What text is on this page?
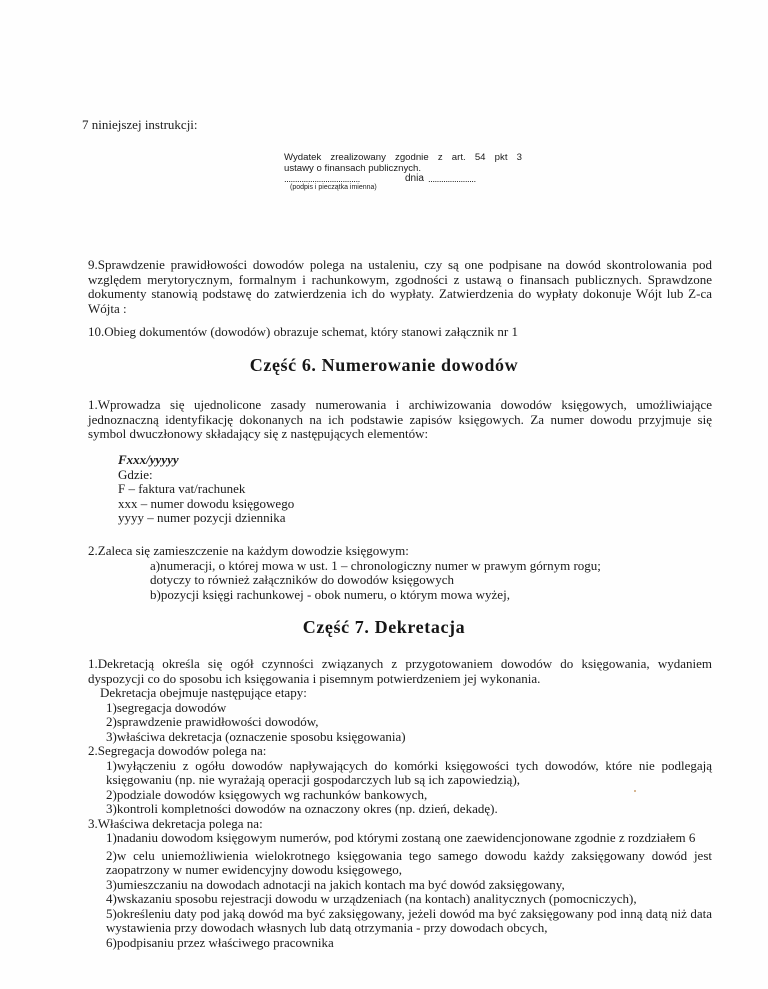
7 niniejszej instrukcji:
Wydatek zrealizowany zgodnie z art. 54 pkt 3
ustawy o finansach publicznych.
...................................	dnia ......................
(podpis i pieczątka imienna)
9.Sprawdzenie prawidłowości dowodów polega na ustaleniu, czy są one podpisane na dowód skontrolowania pod względem merytorycznym, formalnym i rachunkowym, zgodności z ustawą o finansach publicznych. Sprawdzone dokumenty stanowią podstawę do zatwierdzenia ich do wypłaty. Zatwierdzenia do wypłaty dokonuje Wójt lub Z-ca Wójta :
10.Obieg dokumentów (dowodów) obrazuje schemat, który stanowi załącznik nr 1
Część 6. Numerowanie dowodów
1.Wprowadza się ujednolicone zasady numerowania i archiwizowania dowodów księgowych, umożliwiające jednoznaczną identyfikację dokonanych na ich podstawie zapisów księgowych. Za numer dowodu przyjmuje się symbol dwuczłonowy składający się z następujących elementów:
Fxxx/yyyyy
Gdzie:
F – faktura vat/rachunek
xxx – numer dowodu księgowego
yyyy – numer pozycji dziennika
2.Zaleca się zamieszczenie na każdym dowodzie księgowym:
a)numeracji, o której mowa w ust. 1 – chronologiczny numer w prawym górnym rogu; dotyczy to również załączników do dowodów księgowych
b)pozycji księgi rachunkowej - obok numeru, o którym mowa wyżej,
Część 7. Dekretacja
1.Dekretacją określa się ogół czynności związanych z przygotowaniem dowodów do księgowania, wydaniem dyspozycji co do sposobu ich księgowania i pisemnym potwierdzeniem jej wykonania.
Dekretacja obejmuje następujące etapy:
1)segregacja dowodów
2)sprawdzenie prawidłowości dowodów,
3)właściwa dekretacja (oznaczenie sposobu księgowania)
2.Segregacja dowodów polega na:
1)wyłączeniu z ogółu dowodów napływających do komórki księgowości tych dowodów, które nie podlegają księgowaniu (np. nie wyrażają operacji gospodarczych lub są ich zapowiedzią),
2)podziale dowodów księgowych wg rachunków bankowych,
3)kontroli kompletności dowodów na oznaczony okres (np. dzień, dekadę).
3.Właściwa dekretacja polega na:
1)nadaniu dowodom księgowym numerów, pod którymi zostaną one zaewidencjonowane zgodnie z rozdziałem 6
2)w celu uniemożliwienia wielokrotnego księgowania tego samego dowodu każdy zaksięgowany dowód jest zaopatrzony w numer ewidencyjny dowodu księgowego,
3)umieszczaniu na dowodach adnotacji na jakich kontach ma być dowód zaksięgowany,
4)wskazaniu sposobu rejestracji dowodu w urządzeniach (na kontach) analitycznych (pomocniczych),
5)określeniu daty pod jaką dowód ma być zaksięgowany, jeżeli dowód ma być zaksięgowany pod inną datą niż data wystawienia przy dowodach własnych lub datą otrzymania - przy dowodach obcych,
6)podpisaniu przez właściwego pracownika
